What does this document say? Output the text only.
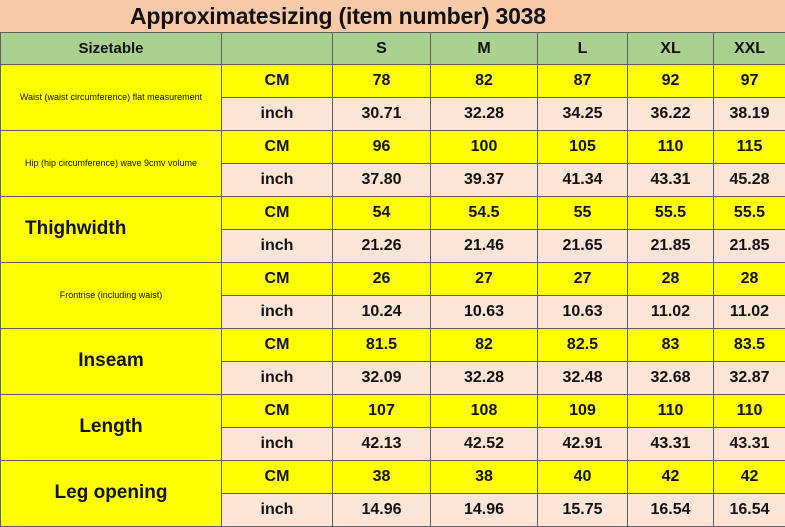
Approximatesizing (item number) 3038
Sizetable		S	M	L	XL	XXL
Waist (waist circumference) flat measurement	CM	78	82	87	92	97
	inch	30.71	32.28	34.25	36.22	38.19
Hip (hip circumference) wave 9cmv volume	CM	96	100	105	110	115
	inch	37.80	39.37	41.34	43.31	45.28
Thighwidth	CM	54	54.5	55	55.5	55.5
	inch	21.26	21.46	21.65	21.85	21.85
Frontrise (including waist)	CM	26	27	27	28	28
	inch	10.24	10.63	10.63	11.02	11.02
Inseam	CM	81.5	82	82.5	83	83.5
	inch	32.09	32.28	32.48	32.68	32.87
Length	CM	107	108	109	110	110
	inch	42.13	42.52	42.91	43.31	43.31
Leg opening	CM	38	38	40	42	42
	inch	14.96	14.96	15.75	16.54	16.54
